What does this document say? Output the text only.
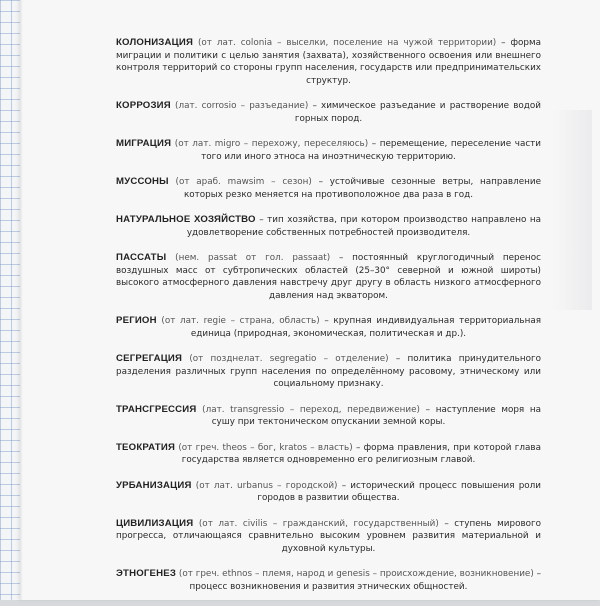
КОЛОНИЗАЦИЯ (от лат. colonia – выселки, поселение на чужой территории) – форма миграции и политики с целью занятия (захвата), хозяйственного освоения или внешнего контроля территорий со стороны групп населения, государств или предпринимательских структур.

КОРРОЗИЯ (лат. corrosio – разъедание) – химическое разъедание и растворение водой горных пород.

МИГРАЦИЯ (от лат. migro – перехожу, переселяюсь) – перемещение, переселение части того или иного этноса на иноэтническую территорию.

МУССОНЫ (от араб. mawsim – сезон) – устойчивые сезонные ветры, направление которых резко меняется на противоположное два раза в год.

НАТУРАЛЬНОЕ ХОЗЯЙСТВО – тип хозяйства, при котором производство направлено на удовлетворение собственных потребностей производителя.

ПАССАТЫ (нем. passat от гол. passaat) – постоянный круглогодичный перенос воздушных масс от субтропических областей (25–30° северной и южной широты) высокого атмосферного давления навстречу друг другу в область низкого атмосферного давления над экватором.

РЕГИОН (от лат. regie – страна, область) – крупная индивидуальная территориальная единица (природная, экономическая, политическая и др.).

СЕГРЕГАЦИЯ (от позднелат. segregatio – отделение) – политика принудительного разделения различных групп населения по определённому расовому, этническому или социальному признаку.

ТРАНСГРЕССИЯ (лат. transgressio – переход, передвижение) – наступление моря на сушу при тектоническом опускании земной коры.

ТЕОКРАТИЯ (от греч. theos – бог, kratos – власть) – форма правления, при которой глава государства является одновременно его религиозным главой.

УРБАНИЗАЦИЯ (от лат. urbanus – городской) – исторический процесс повышения роли городов в развитии общества.

ЦИВИЛИЗАЦИЯ (от лат. civilis – гражданский, государственный) – ступень мирового прогресса, отличающаяся сравнительно высоким уровнем развития материальной и духовной культуры.

ЭТНОГЕНЕЗ (от греч. ethnos – племя, народ и genesis – происхождение, возникновение) – процесс возникновения и развития этнических общностей.
